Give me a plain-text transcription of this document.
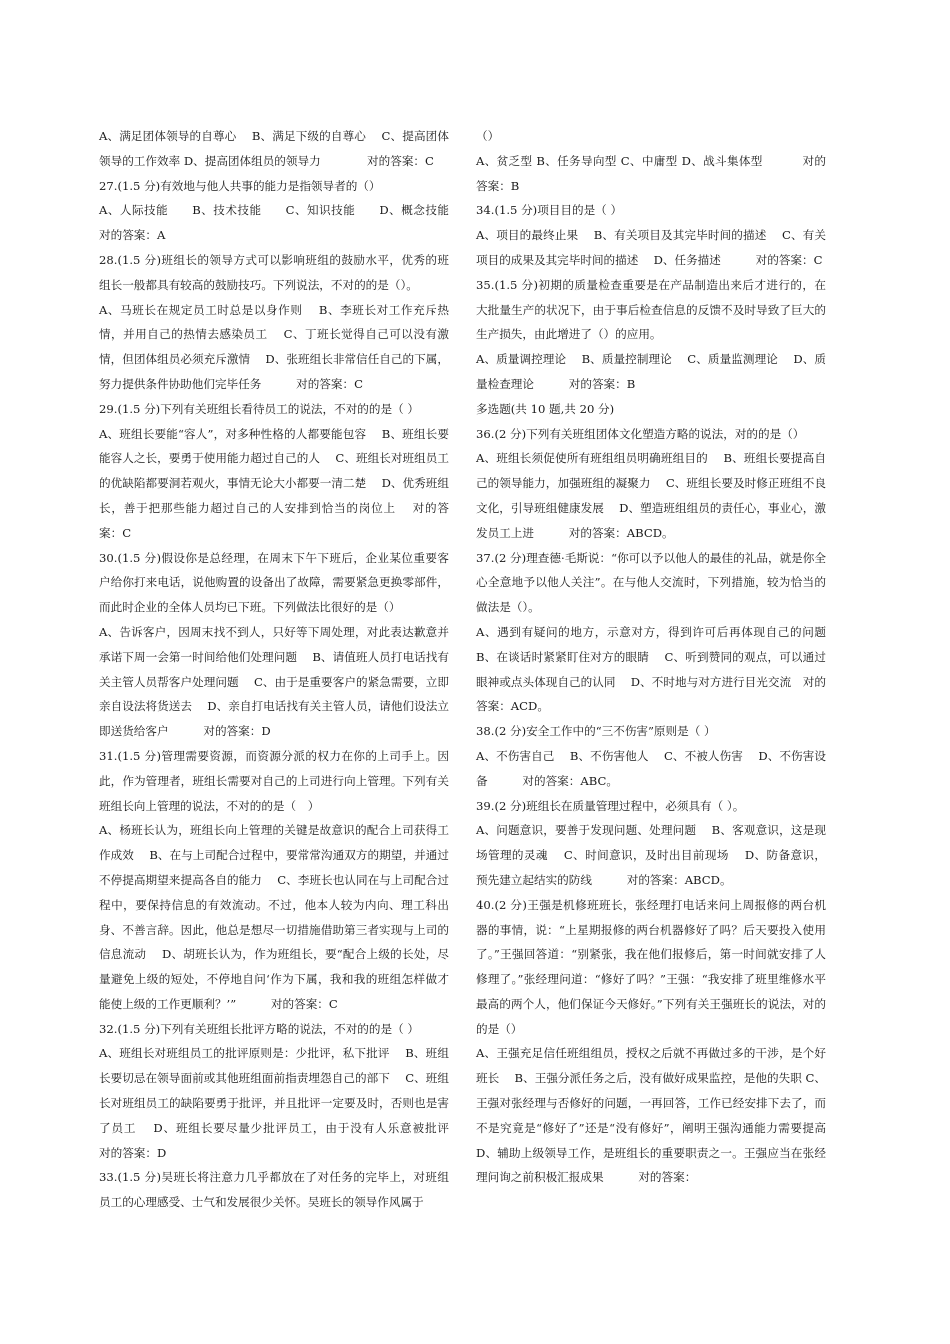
A、满足团体领导的自尊心　 B、满足下级的自尊心　 C、提高团体领导的工作效率 D、提高团体组员的领导力　　　　对的答案：C

27.(1.5 分)有效地与他人共事的能力是指领导者的（）

A、人际技能　　B、技术技能　　C、知识技能　　D、概念技能　　对的答案：A

28.(1.5 分)班组长的领导方式可以影响班组的鼓励水平，优秀的班组长一般都具有较高的鼓励技巧。下列说法，不对的的是（）。

A、马班长在规定员工时总是以身作则　 B、李班长对工作充斥热情，并用自己的热情去感染员工　 C、丁班长觉得自己可以没有激情，但团体组员必须充斥激情　 D、张班组长非常信任自己的下属，努力提供条件协助他们完毕任务　　　对的答案：C

29.(1.5 分)下列有关班组长看待员工的说法，不对的的是（ ）

A、班组长要能“容人”，对多种性格的人都要能包容　 B、班组长要能容人之长，要勇于使用能力超过自己的人　 C、班组长对班组员工的优缺陷都要洞若观火，事情无论大小都要一清二楚　 D、优秀班组长，善于把那些能力超过自己的人安排到恰当的岗位上　 对的答案：C

30.(1.5 分)假设你是总经理，在周末下午下班后，企业某位重要客户给你打来电话，说他购置的设备出了故障，需要紧急更换零部件，而此时企业的全体人员均已下班。下列做法比很好的是（）

A、告诉客户，因周末找不到人，只好等下周处理，对此表达歉意并承诺下周一会第一时间给他们处理问题　 B、请值班人员打电话找有关主管人员帮客户处理问题　 C、由于是重要客户的紧急需要，立即亲自设法将货送去　 D、亲自打电话找有关主管人员，请他们设法立即送货给客户　　　对的答案：D

31.(1.5 分)管理需要资源，而资源分派的权力在你的上司手上。因此，作为管理者，班组长需要对自己的上司进行向上管理。下列有关班组长向上管理的说法，不对的的是（　）

A、杨班长认为，班组长向上管理的关键是故意识的配合上司获得工作成效　 B、在与上司配合过程中，要常常沟通双方的期望，并通过不停提高期望来提高各自的能力　 C、李班长也认同在与上司配合过程中，要保持信息的有效流动。不过，他本人较为内向、理工科出身、不善言辞。因此，他总是想尽一切措施借助第三者实现与上司的信息流动　 D、胡班长认为，作为班组长，要“配合上级的长处，尽量避免上级的短处，不停地自问‘作为下属，我和我的班组怎样做才能使上级的工作更顺利？’”　　　对的答案：C

32.(1.5 分)下列有关班组长批评方略的说法，不对的的是（ ）

A、班组长对班组员工的批评原则是：少批评，私下批评　 B、班组长要切忌在领导面前或其他班组面前指责埋怨自己的部下　 C、班组长对班组员工的缺陷要勇于批评，并且批评一定要及时，否则也是害了员工　 D、班组长要尽量少批评员工，由于没有人乐意被批评　　　对的答案：D

33.(1.5 分)吴班长将注意力几乎都放在了对任务的完毕上，对班组员工的心理感受、士气和发展很少关怀。吴班长的领导作风属于

（）

A、贫乏型 B、任务导向型 C、中庸型 D、战斗集体型　　　 对的答案：B

34.(1.5 分)项目目的是（ ）

A、项目的最终止果　 B、有关项目及其完毕时间的描述　 C、有关项目的成果及其完毕时间的描述　 D、任务描述　　　对的答案：C

35.(1.5 分)初期的质量检查重要是在产品制造出来后才进行的，在大批量生产的状况下，由于事后检查信息的反馈不及时导致了巨大的生产损失，由此增进了（）的应用。

A、质量调控理论　 B、质量控制理论　 C、质量监测理论　 D、质量检查理论　　　对的答案：B

多选题(共 10 题,共 20 分)

36.(2 分)下列有关班组团体文化塑造方略的说法，对的的是（）

A、班组长须促使所有班组组员明确班组目的　 B、班组长要提高自己的领导能力，加强班组的凝聚力　 C、班组长要及时修正班组不良文化，引导班组健康发展　 D、塑造班组组员的责任心，事业心，激发员工上进　　　对的答案：ABCD。

37.(2 分)理查德·毛斯说：“你可以予以他人的最佳的礼品，就是你全心全意地予以他人关注”。在与他人交流时，下列措施，较为恰当的做法是（）。

A、遇到有疑问的地方，示意对方，得到许可后再体现自己的问题 B、在谈话时紧紧盯住对方的眼睛　 C、听到赞同的观点，可以通过眼神或点头体现自己的认同　 D、不时地与对方进行目光交流　对的答案：ACD。

38.(2 分)安全工作中的“三不伤害”原则是（ ）

A、不伤害自己　 B、不伤害他人　 C、不被人伤害　 D、不伤害设备　　　对的答案：ABC。

39.(2 分)班组长在质量管理过程中，必须具有（ ）。

A、问题意识，要善于发现问题、处理问题　 B、客观意识，这是现场管理的灵魂　 C、时间意识，及时出目前现场　 D、防备意识，预先建立起结实的防线　　　对的答案：ABCD。

40.(2 分)王强是机修班班长，张经理打电话来问上周报修的两台机器的事情，说：“上星期报修的两台机器修好了吗？后天要投入使用了。”王强回答道：“别紧张，我在他们报修后，第一时间就安排了人修理了。”张经理问道：“修好了吗？”王强：“我安排了班里维修水平最高的两个人，他们保证今天修好。”下列有关王强班长的说法，对的的是（）

A、王强充足信任班组组员，授权之后就不再做过多的干涉，是个好班长　 B、王强分派任务之后，没有做好成果监控，是他的失职 C、王强对张经理与否修好的问题，一再回答，工作已经安排下去了，而不是究竟是“修好了”还是“没有修好”，阐明王强沟通能力需要提高　 D、辅助上级领导工作，是班组长的重要职责之一。王强应当在张经理问询之前积极汇报成果　　　对的答案：
